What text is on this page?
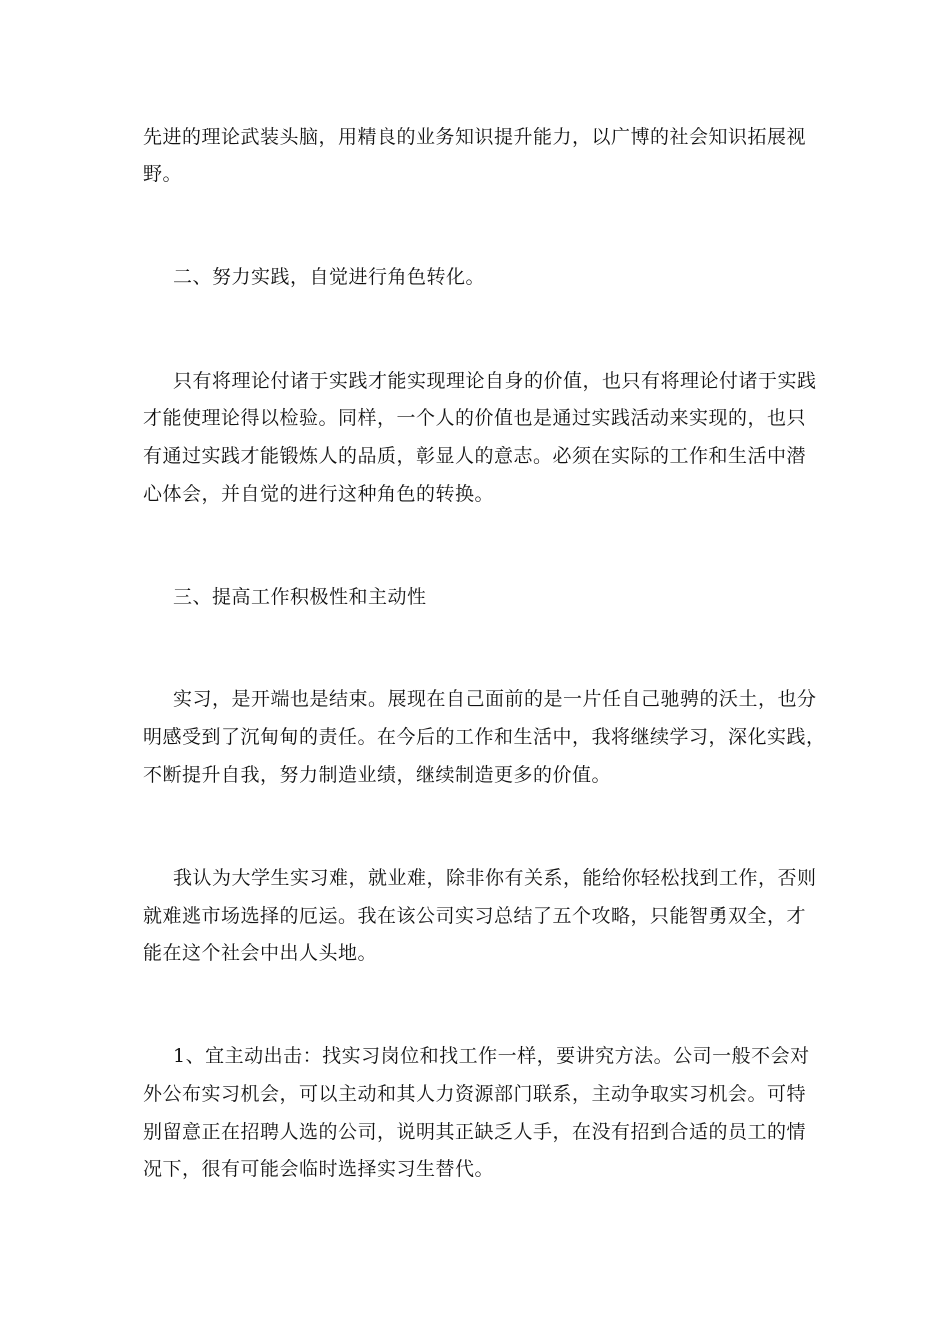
先进的理论武装头脑，用精良的业务知识提升能力，以广博的社会知识拓展视
野。
二、努力实践，自觉进行角色转化。
只有将理论付诸于实践才能实现理论自身的价值，也只有将理论付诸于实践
才能使理论得以检验。同样，一个人的价值也是通过实践活动来实现的，也只
有通过实践才能锻炼人的品质，彰显人的意志。必须在实际的工作和生活中潜
心体会，并自觉的进行这种角色的转换。
三、提高工作积极性和主动性
实习，是开端也是结束。展现在自己面前的是一片任自己驰骋的沃土，也分
明感受到了沉甸甸的责任。在今后的工作和生活中，我将继续学习，深化实践，
不断提升自我，努力制造业绩，继续制造更多的价值。
我认为大学生实习难，就业难，除非你有关系，能给你轻松找到工作，否则
就难逃市场选择的厄运。我在该公司实习总结了五个攻略，只能智勇双全，才
能在这个社会中出人头地。
1、宜主动出击：找实习岗位和找工作一样，要讲究方法。公司一般不会对
外公布实习机会，可以主动和其人力资源部门联系，主动争取实习机会。可特
别留意正在招聘人选的公司，说明其正缺乏人手，在没有招到合适的员工的情
况下，很有可能会临时选择实习生替代。
